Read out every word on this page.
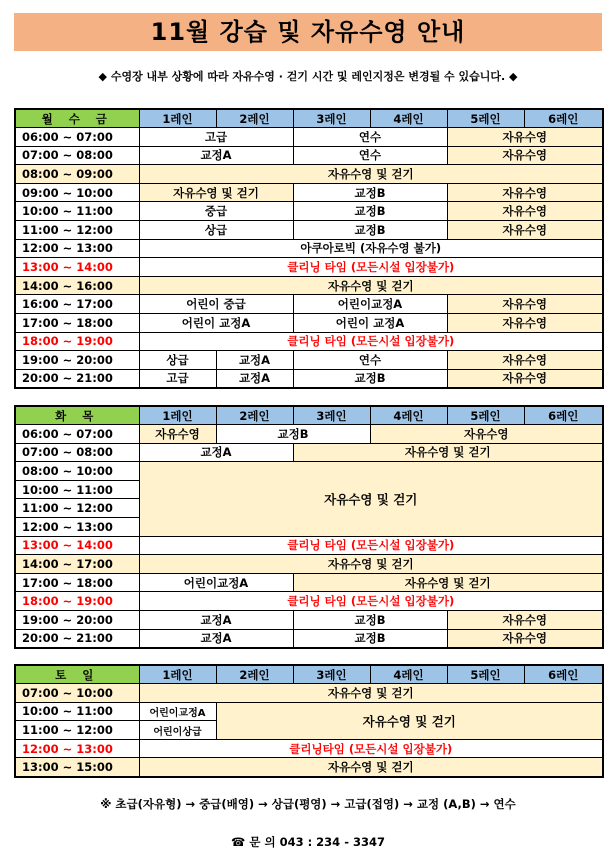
11월 강습 및 자유수영 안내
◆ 수영장 내부 상황에 따라 자유수영 · 걷기 시간 및 레인지정은 변경될 수 있습니다. ◆
월 수 금	1레인	2레인	3레인	4레인	5레인	6레인
06:00 ~ 07:00	고급		연수		자유수영	
07:00 ~ 08:00	교정A		연수		자유수영	
08:00 ~ 09:00	자유수영 및 걷기					
09:00 ~ 10:00	자유수영 및 걷기		교정B		자유수영	
10:00 ~ 11:00	중급		교정B		자유수영	
11:00 ~ 12:00	상급		교정B		자유수영	
12:00 ~ 13:00	아쿠아로빅 (자유수영 불가)					
13:00 ~ 14:00	클리닝 타임 (모든시설 입장불가)					
14:00 ~ 16:00	자유수영 및 걷기					
16:00 ~ 17:00	어린이 중급		어린이교정A		자유수영	
17:00 ~ 18:00	어린이 교정A		어린이 교정A		자유수영	
18:00 ~ 19:00	클리닝 타임 (모든시설 입장불가)					
19:00 ~ 20:00	상급	교정A	연수		자유수영	
20:00 ~ 21:00	고급	교정A	교정B		자유수영	
화 목	1레인	2레인	3레인	4레인	5레인	6레인
06:00 ~ 07:00	자유수영	교정B		자유수영		
07:00 ~ 08:00	교정A		자유수영 및 걷기			
08:00 ~ 10:00	자유수영 및 걷기					
10:00 ~ 11:00						
11:00 ~ 12:00						
12:00 ~ 13:00						
13:00 ~ 14:00	클리닝 타임 (모든시설 입장불가)					
14:00 ~ 17:00	자유수영 및 걷기					
17:00 ~ 18:00	어린이교정A		자유수영 및 걷기			
18:00 ~ 19:00	클리닝 타임 (모든시설 입장불가)					
19:00 ~ 20:00	교정A		교정B		자유수영	
20:00 ~ 21:00	교정A		교정B		자유수영	
토 일	1레인	2레인	3레인	4레인	5레인	6레인
07:00 ~ 10:00	자유수영 및 걷기					
10:00 ~ 11:00	어린이교정A	자유수영 및 걷기				
11:00 ~ 12:00	어린이상급					
12:00 ~ 13:00	클리닝타임 (모든시설 입장불가)					
13:00 ~ 15:00	자유수영 및 걷기					
※ 초급(자유형) → 중급(배영) → 상급(평영) → 고급(접영) → 교정 (A,B) → 연수
☎ 문 의 043 : 234 - 3347
